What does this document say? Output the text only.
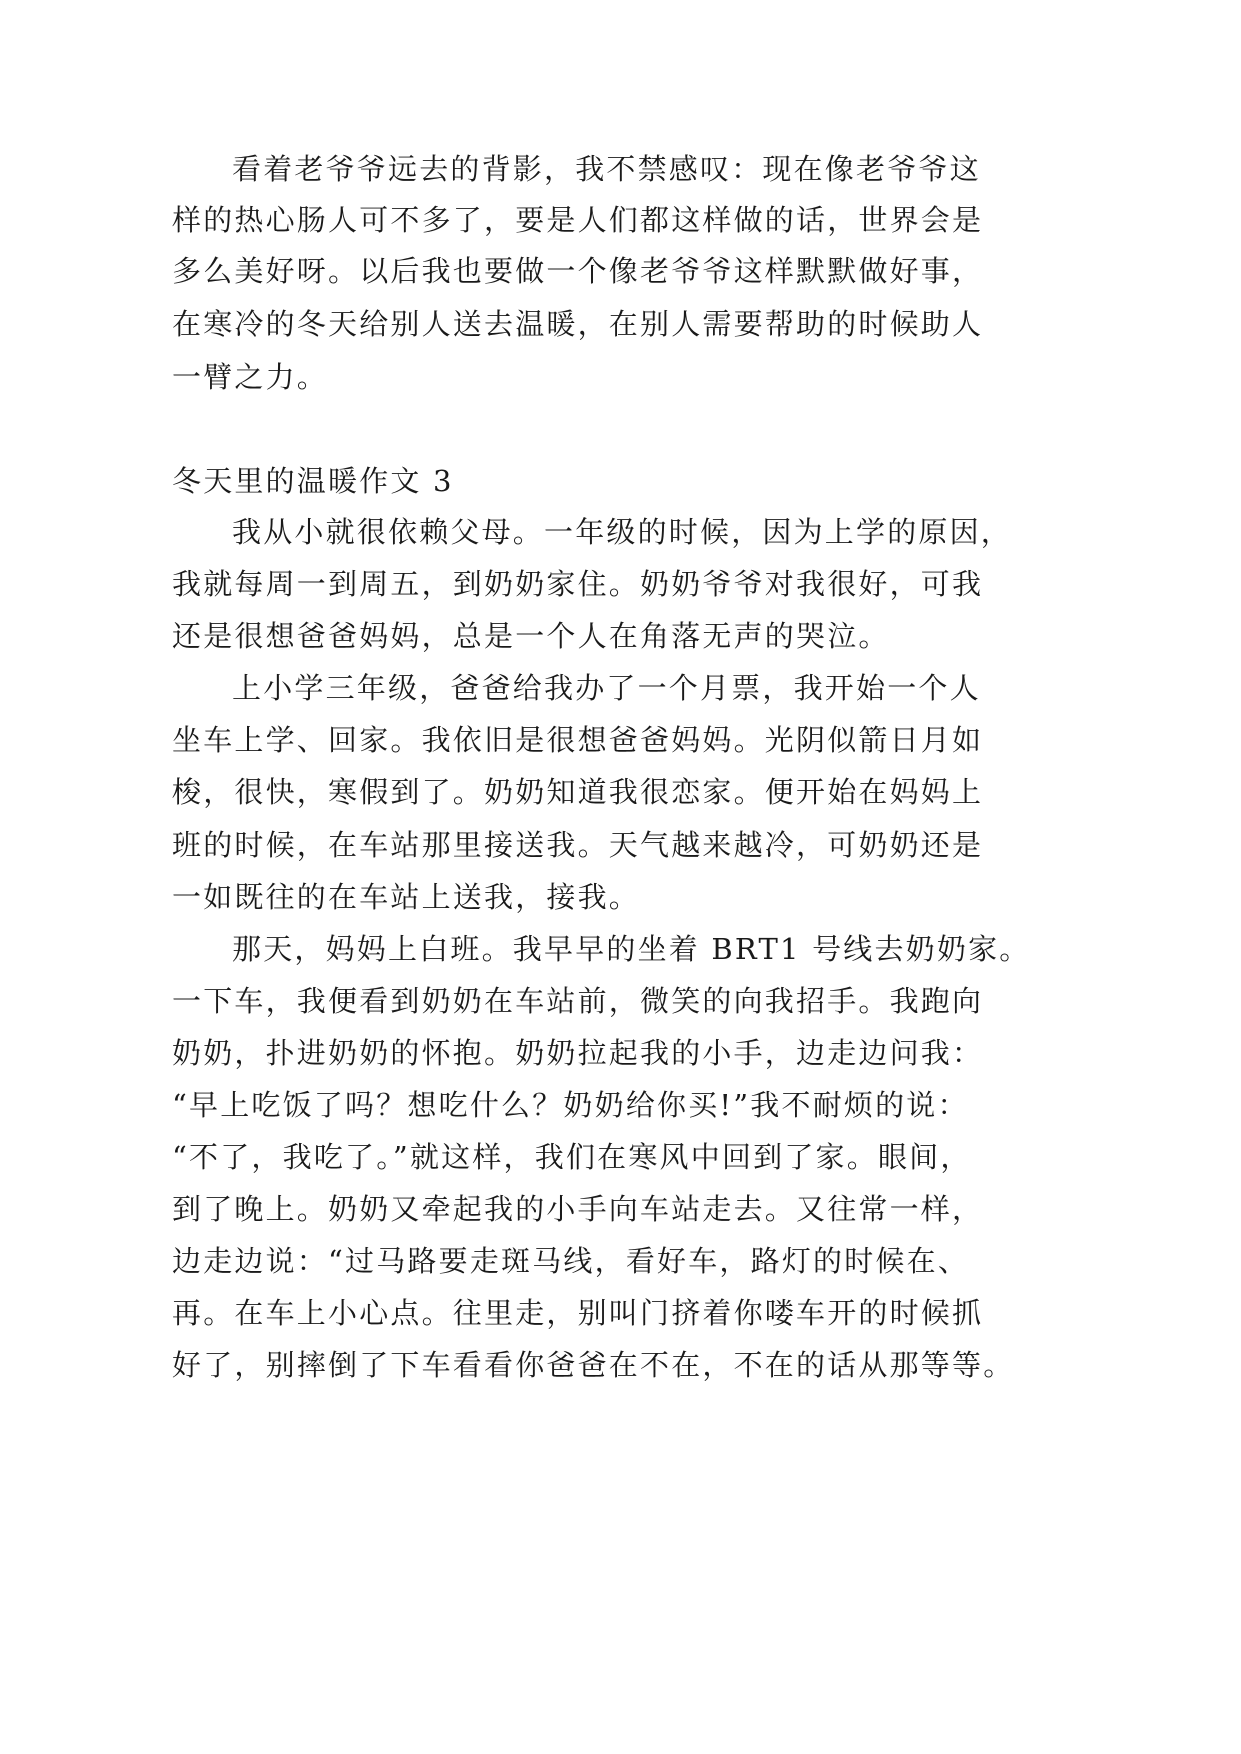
看着老爷爷远去的背影，我不禁感叹：现在像老爷爷这
样的热心肠人可不多了，要是人们都这样做的话，世界会是
多么美好呀。以后我也要做一个像老爷爷这样默默做好事，
在寒冷的冬天给别人送去温暖，在别人需要帮助的时候助人
一臂之力。
冬天里的温暖作文 3
我从小就很依赖父母。一年级的时候，因为上学的原因，
我就每周一到周五，到奶奶家住。奶奶爷爷对我很好，可我
还是很想爸爸妈妈，总是一个人在角落无声的哭泣。
上小学三年级，爸爸给我办了一个月票，我开始一个人
坐车上学、回家。我依旧是很想爸爸妈妈。光阴似箭日月如
梭，很快，寒假到了。奶奶知道我很恋家。便开始在妈妈上
班的时候，在车站那里接送我。天气越来越冷，可奶奶还是
一如既往的在车站上送我，接我。
那天，妈妈上白班。我早早的坐着 BRT1 号线去奶奶家。
一下车，我便看到奶奶在车站前，微笑的向我招手。我跑向
奶奶，扑进奶奶的怀抱。奶奶拉起我的小手，边走边问我：
“早上吃饭了吗？想吃什么？奶奶给你买!”我不耐烦的说：
“不了，我吃了。”就这样，我们在寒风中回到了家。眼间，
到了晚上。奶奶又牵起我的小手向车站走去。又往常一样，
边走边说：“过马路要走斑马线，看好车，路灯的时候在、
再。在车上小心点。往里走，别叫门挤着你喽车开的时候抓
好了，别摔倒了下车看看你爸爸在不在，不在的话从那等等。
